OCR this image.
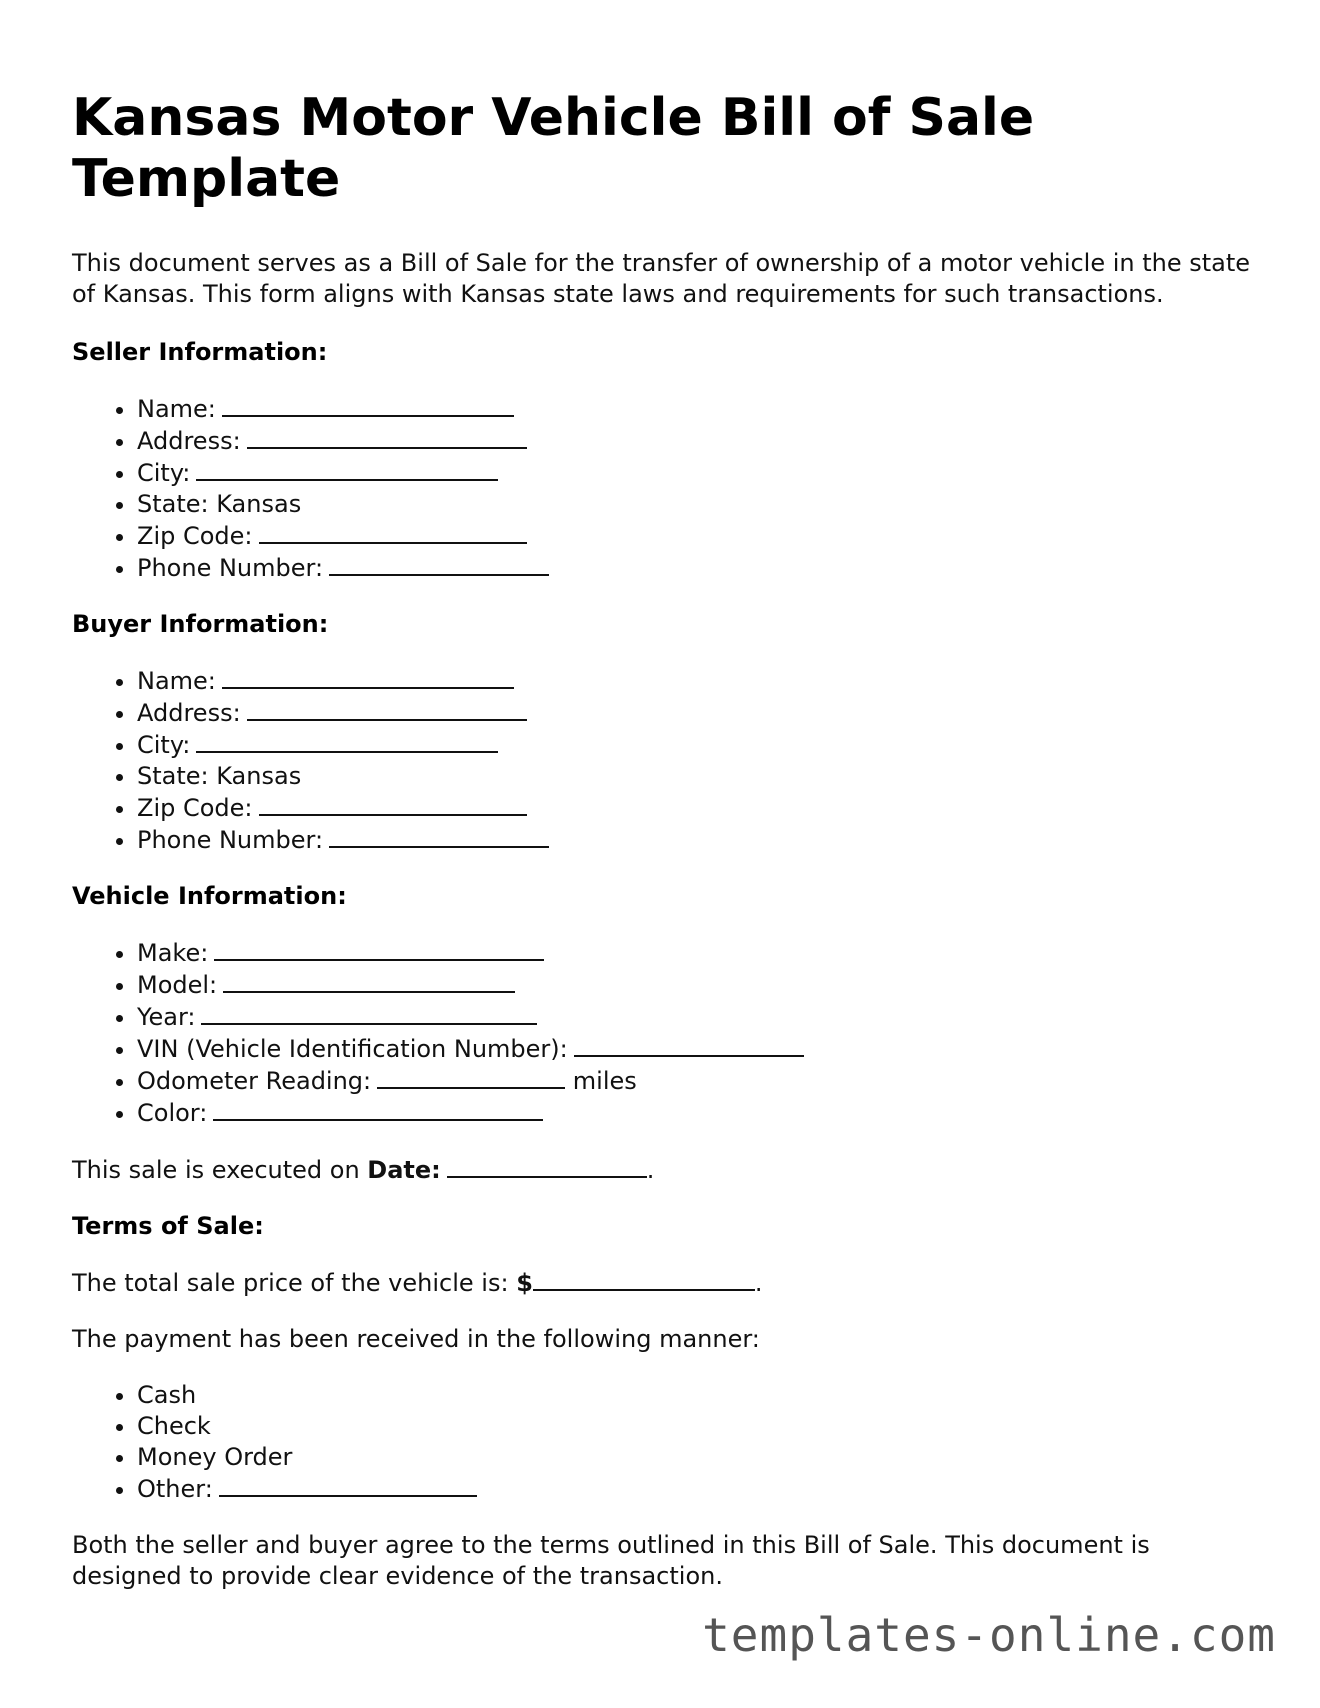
Kansas Motor Vehicle Bill of Sale Template

This document serves as a Bill of Sale for the transfer of ownership of a motor vehicle in the state of Kansas. This form aligns with Kansas state laws and requirements for such transactions.

Seller Information:
• Name:
• Address:
• City:
• State: Kansas
• Zip Code:
• Phone Number:
Buyer Information:
• Name:
• Address:
• City:
• State: Kansas
• Zip Code:
• Phone Number:
Vehicle Information:
• Make:
• Model:
• Year:
• VIN (Vehicle Identification Number):
• Odometer Reading:	miles
• Color:

This sale is executed on Date:	.

Terms of Sale:

The total sale price of the vehicle is: $	.

The payment has been received in the following manner:

• Cash
• Check
• Money Order
• Other:

Both the seller and buyer agree to the terms outlined in this Bill of Sale. This document is designed to provide clear evidence of the transaction.

templates-online.com
